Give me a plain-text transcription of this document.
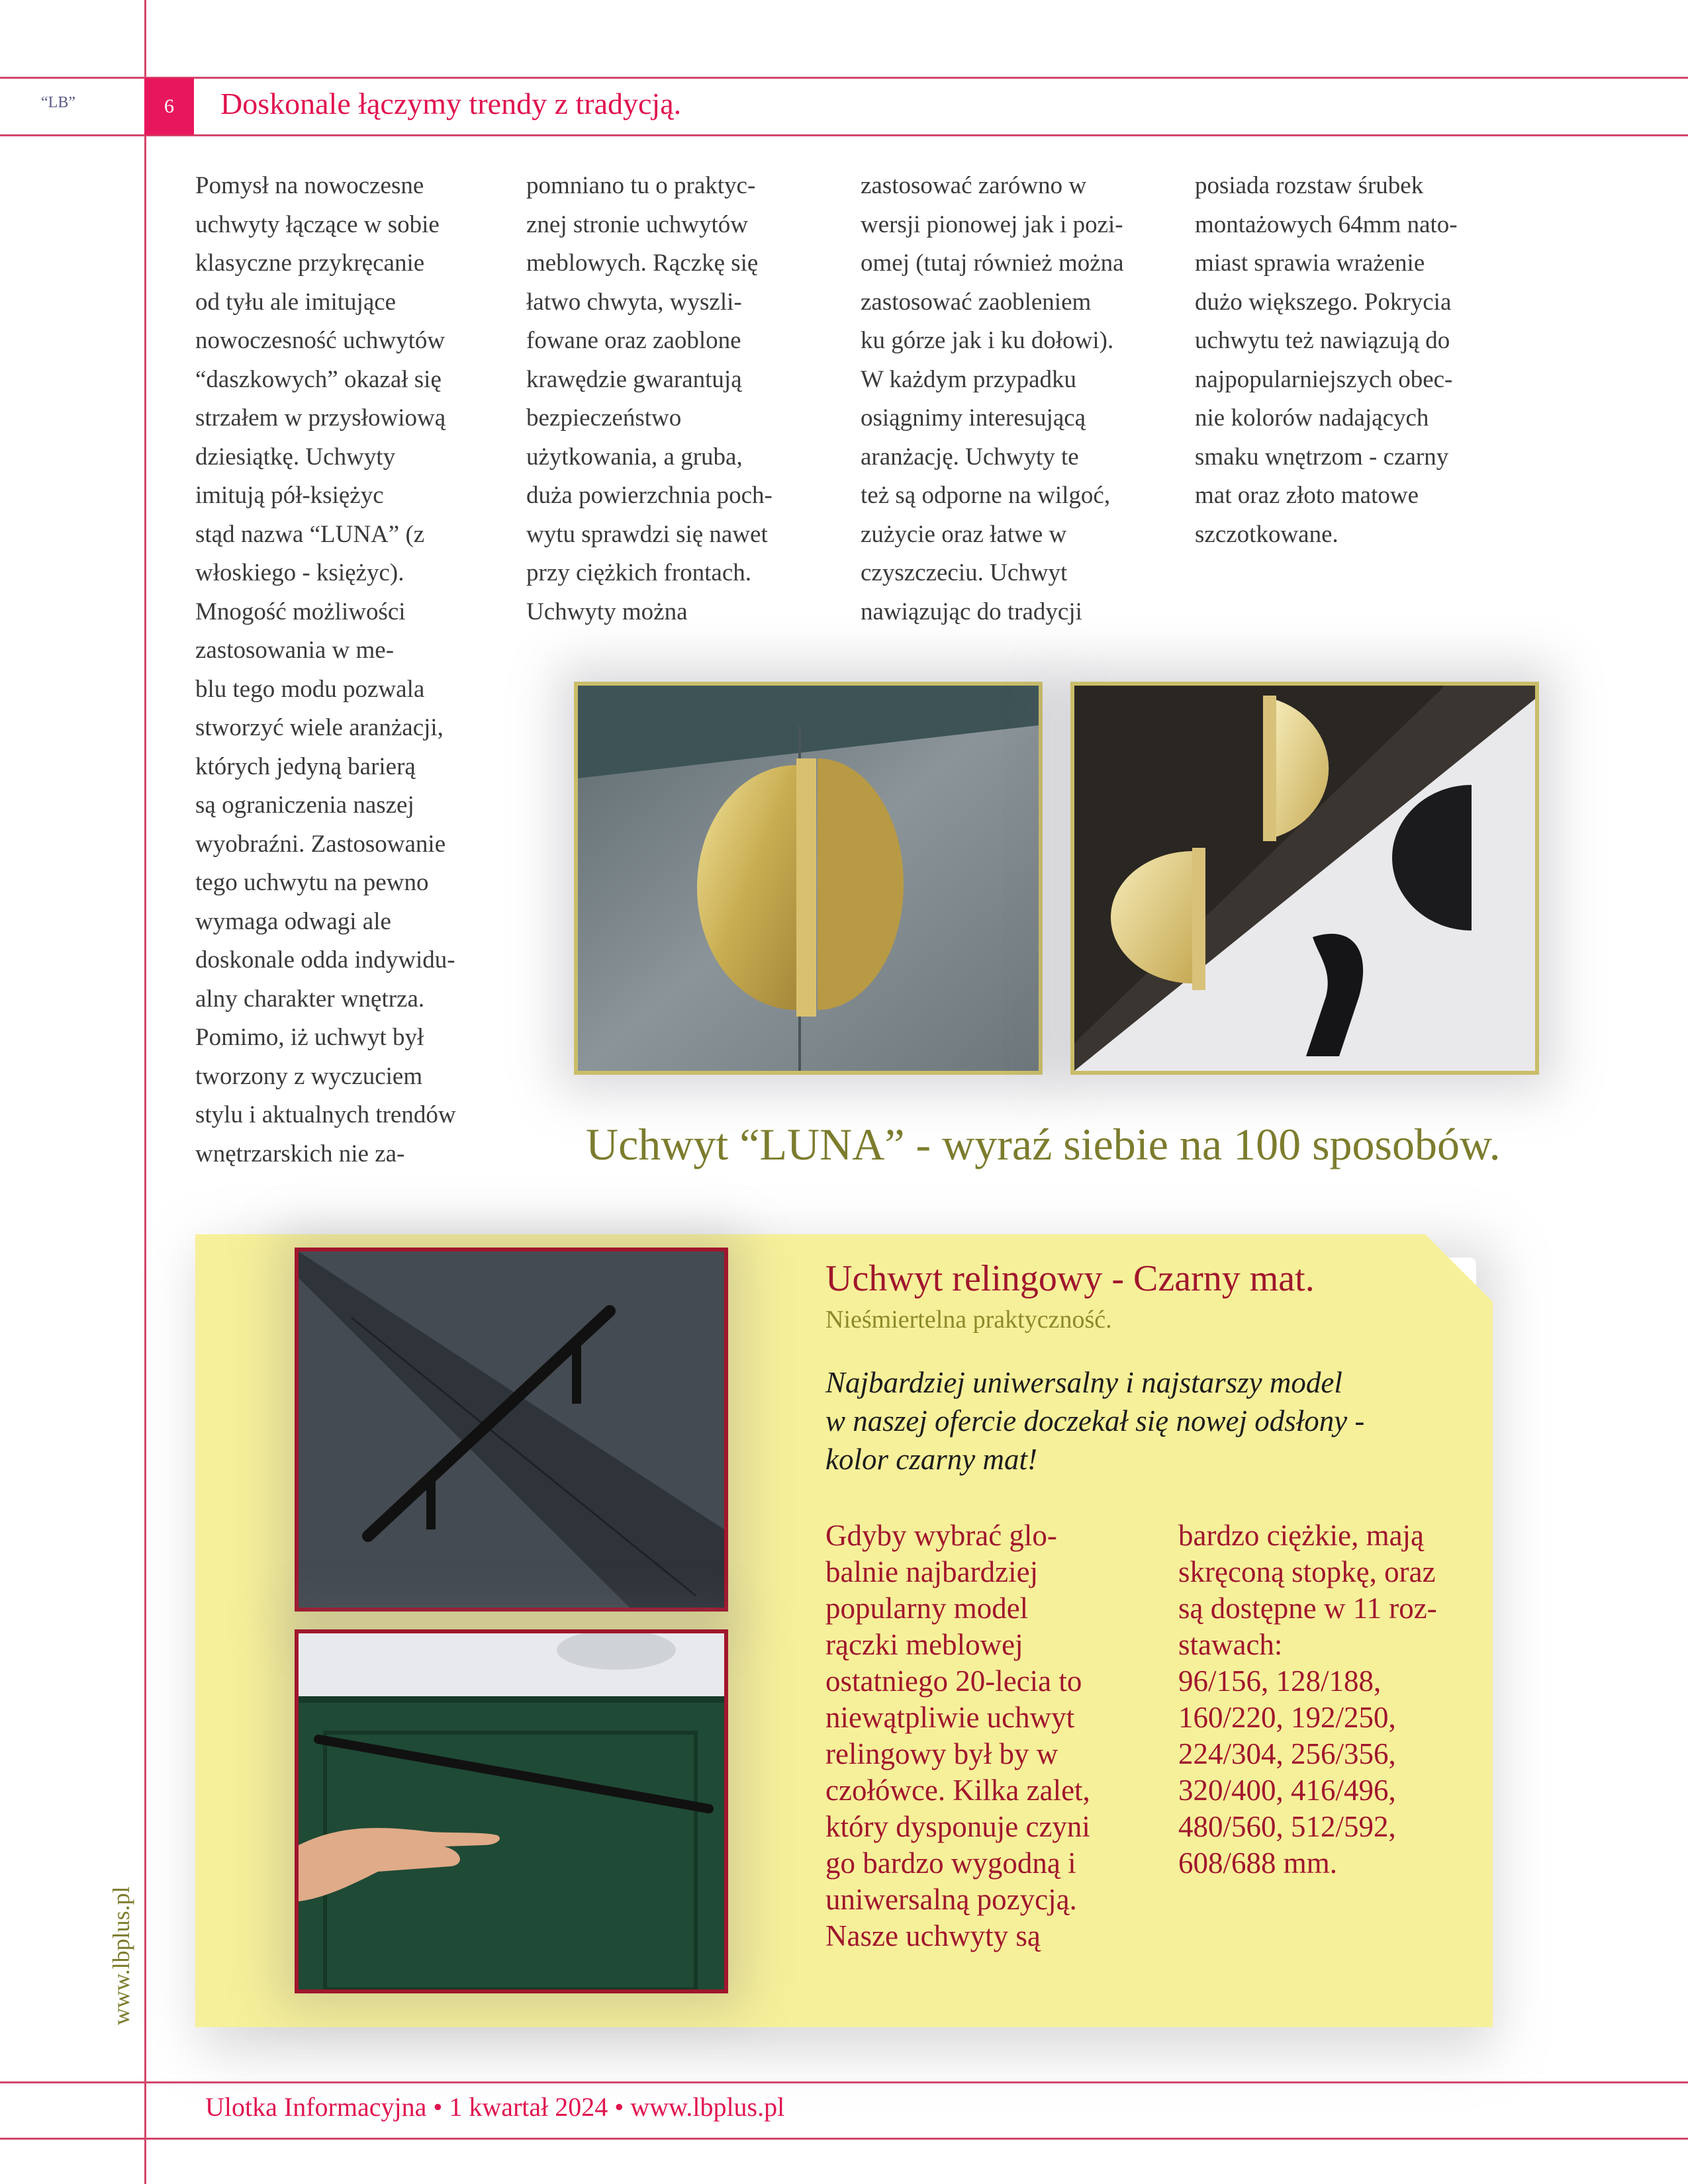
“LB”	6	Doskonale łączymy trendy z tradycją.
Pomysł na nowoczesne
uchwyty łączące w sobie
klasyczne przykręcanie
od tyłu ale imitujące
nowoczesność uchwytów
“daszkowych” okazał się
strzałem w przysłowiową
dziesiątkę. Uchwyty
imitują pół-księżyc
stąd nazwa “LUNA” (z
włoskiego - księżyc).
Mnogość możliwości
zastosowania w me-
blu tego modu pozwala
stworzyć wiele aranżacji,
których jedyną barierą
są ograniczenia naszej
wyobraźni. Zastosowanie
tego uchwytu na pewno
wymaga odwagi ale
doskonale odda indywidu-
alny charakter wnętrza.
Pomimo, iż uchwyt był
tworzony z wyczuciem
stylu i aktualnych trendów
wnętrzarskich nie za-
pomniano tu o praktyc-
znej stronie uchwytów
meblowych. Rączkę się
łatwo chwyta, wyszli-
fowane oraz zaoblone
krawędzie gwarantują
bezpieczeństwo
użytkowania, a gruba,
duża powierzchnia poch-
wytu sprawdzi się nawet
przy ciężkich frontach.
Uchwyty można
zastosować zarówno w
wersji pionowej jak i pozi-
omej (tutaj również można
zastosować zaobleniem
ku górze jak i ku dołowi).
W każdym przypadku
osiągnimy interesującą
aranżację. Uchwyty te
też są odporne na wilgoć,
zużycie oraz łatwe w
czyszczeciu. Uchwyt
nawiązując do tradycji
posiada rozstaw śrubek
montażowych 64mm nato-
miast sprawia wrażenie
dużo większego. Pokrycia
uchwytu też nawiązują do
najpopularniejszych obec-
nie kolorów nadających
smaku wnętrzom - czarny
mat oraz złoto matowe
szczotkowane.
Uchwyt “LUNA” - wyraź siebie na 100 sposobów.
Uchwyt relingowy - Czarny mat.
Nieśmiertelna praktyczność.
Najbardziej uniwersalny i najstarszy model
w naszej ofercie doczekał się nowej odsłony -
kolor czarny mat!
Gdyby wybrać glo-
balnie najbardziej
popularny model
rączki meblowej
ostatniego 20-lecia to
niewątpliwie uchwyt
relingowy był by w
czołówce. Kilka zalet,
który dysponuje czyni
go bardzo wygodną i
uniwersalną pozycją.
Nasze uchwyty są
bardzo ciężkie, mają
skręconą stopkę, oraz
są dostępne w 11 roz-
stawach:
96/156, 128/188,
160/220, 192/250,
224/304, 256/356,
320/400, 416/496,
480/560, 512/592,
608/688 mm.
Ulotka Informacyjna • 1 kwartał 2024 • www.lbplus.pl
www.lbplus.pl
